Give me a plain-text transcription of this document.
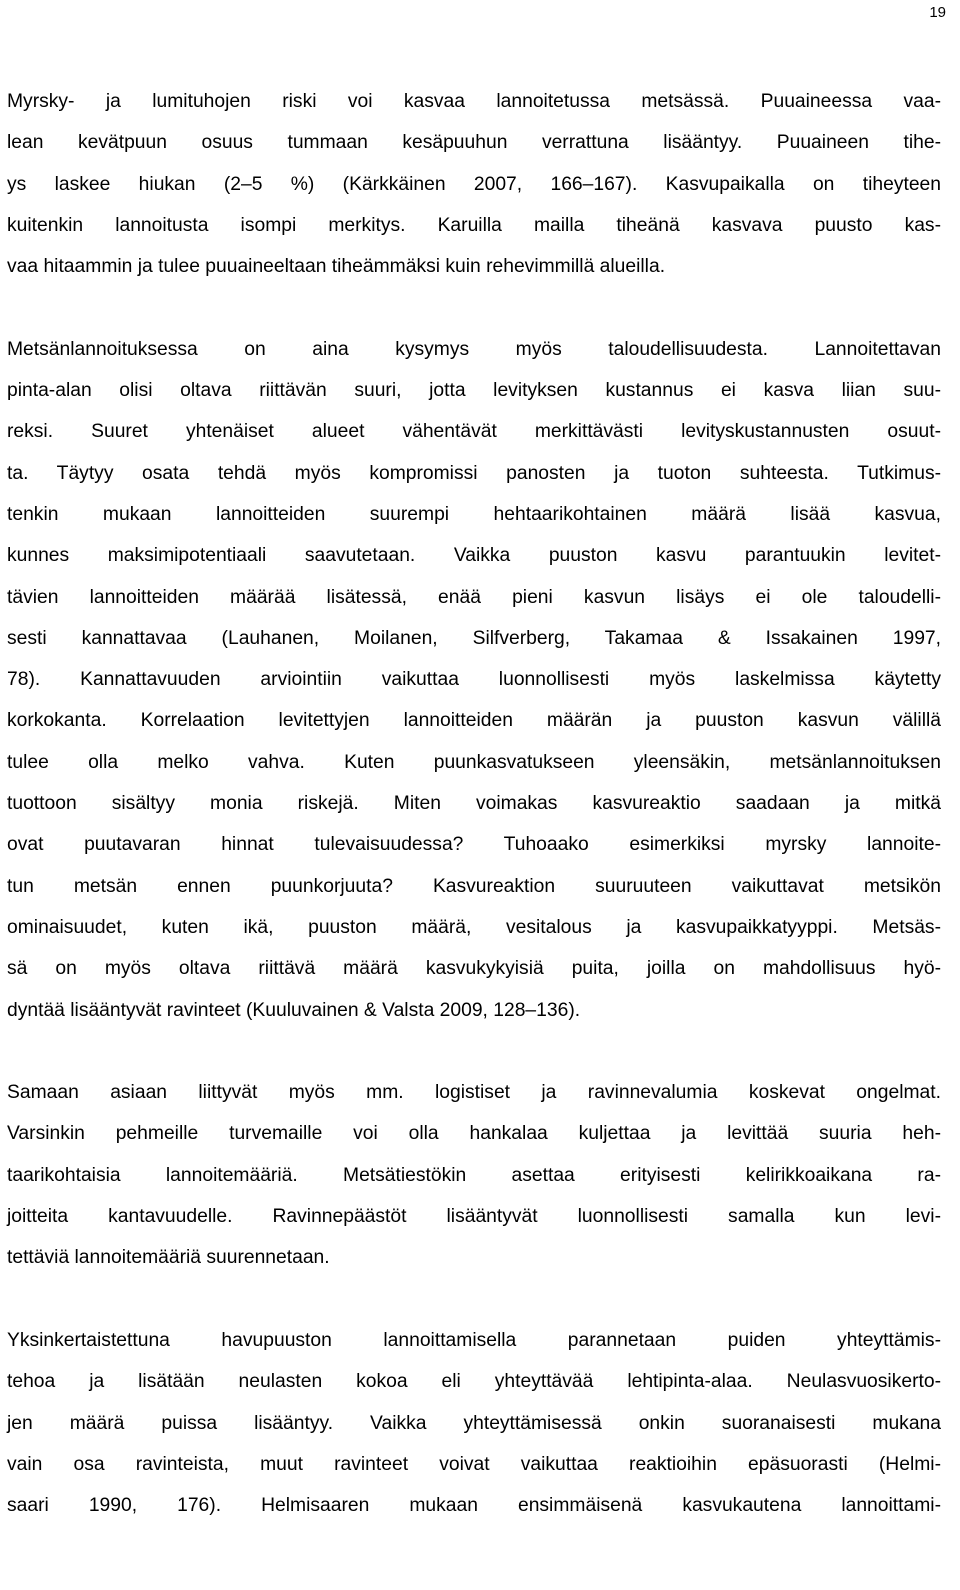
19

Myrsky- ja lumituhojen riski voi kasvaa lannoitetussa metsässä. Puuaineessa vaa-
lean kevätpuun osuus tummaan kesäpuuhun verrattuna lisääntyy. Puuaineen tihe-
ys laskee hiukan (2–5 %) (Kärkkäinen 2007, 166–167). Kasvupaikalla on tiheyteen
kuitenkin lannoitusta isompi merkitys. Karuilla mailla tiheänä kasvava puusto kas-
vaa hitaammin ja tulee puuaineeltaan tiheämmäksi kuin rehevimmillä alueilla.

Metsänlannoituksessa on aina kysymys myös taloudellisuudesta. Lannoitettavan
pinta-alan olisi oltava riittävän suuri, jotta levityksen kustannus ei kasva liian suu-
reksi. Suuret yhtenäiset alueet vähentävät merkittävästi levityskustannusten osuut-
ta. Täytyy osata tehdä myös kompromissi panosten ja tuoton suhteesta. Tutkimus-
tenkin mukaan lannoitteiden suurempi hehtaarikohtainen määrä lisää kasvua,
kunnes maksimipotentiaali saavutetaan. Vaikka puuston kasvu parantuukin levitet-
tävien lannoitteiden määrää lisätessä, enää pieni kasvun lisäys ei ole taloudelli-
sesti kannattavaa (Lauhanen, Moilanen, Silfverberg, Takamaa & Issakainen 1997,
78). Kannattavuuden arviointiin vaikuttaa luonnollisesti myös laskelmissa käytetty
korkokanta. Korrelaation levitettyjen lannoitteiden määrän ja puuston kasvun välillä
tulee olla melko vahva. Kuten puunkasvatukseen yleensäkin, metsänlannoituksen
tuottoon sisältyy monia riskejä. Miten voimakas kasvureaktio saadaan ja mitkä
ovat puutavaran hinnat tulevaisuudessa? Tuhoaako esimerkiksi myrsky lannoite-
tun metsän ennen puunkorjuuta? Kasvureaktion suuruuteen vaikuttavat metsikön
ominaisuudet, kuten ikä, puuston määrä, vesitalous ja kasvupaikkatyyppi. Metsäs-
sä on myös oltava riittävä määrä kasvukykyisiä puita, joilla on mahdollisuus hyö-
dyntää lisääntyvät ravinteet (Kuuluvainen & Valsta 2009, 128–136).

Samaan asiaan liittyvät myös mm. logistiset ja ravinnevalumia koskevat ongelmat.
Varsinkin pehmeille turvemaille voi olla hankalaa kuljettaa ja levittää suuria heh-
taarikohtaisia lannoitemääriä. Metsätiestökin asettaa erityisesti kelirikkoaikana ra-
joitteita kantavuudelle. Ravinnepäästöt lisääntyvät luonnollisesti samalla kun levi-
tettäviä lannoitemääriä suurennetaan.

Yksinkertaistettuna havupuuston lannoittamisella parannetaan puiden yhteyttämis-
tehoa ja lisätään neulasten kokoa eli yhteyttävää lehtipinta-alaa. Neulasvuosikerto-
jen määrä puissa lisääntyy. Vaikka yhteyttämisessä onkin suoranaisesti mukana
vain osa ravinteista, muut ravinteet voivat vaikuttaa reaktioihin epäsuorasti (Helmi-
saari 1990, 176). Helmisaaren mukaan ensimmäisenä kasvukautena lannoittami-
